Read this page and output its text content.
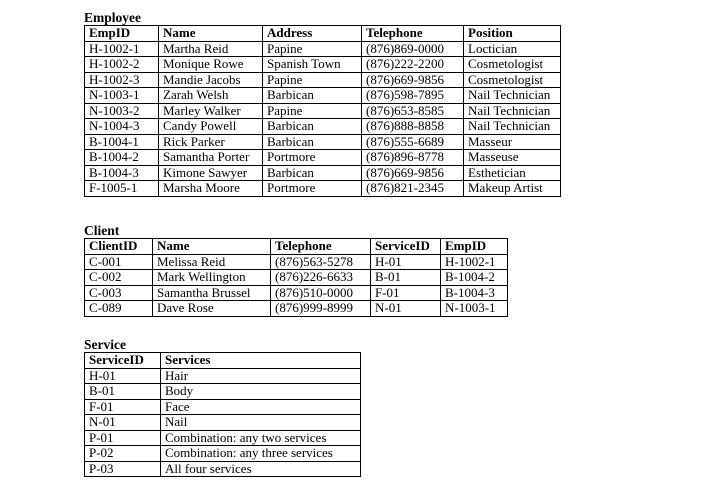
Employee
EmpID	Name	Address	Telephone	Position
H-1002-1	Martha Reid	Papine	(876)869-0000	Loctician
H-1002-2	Monique Rowe	Spanish Town	(876)222-2200	Cosmetologist
H-1002-3	Mandie Jacobs	Papine	(876)669-9856	Cosmetologist
N-1003-1	Zarah Welsh	Barbican	(876)598-7895	Nail Technician
N-1003-2	Marley Walker	Papine	(876)653-8585	Nail Technician
N-1004-3	Candy Powell	Barbican	(876)888-8858	Nail Technician
B-1004-1	Rick Parker	Barbican	(876)555-6689	Masseur
B-1004-2	Samantha Porter	Portmore	(876)896-8778	Masseuse
B-1004-3	Kimone Sawyer	Barbican	(876)669-9856	Esthetician
F-1005-1	Marsha Moore	Portmore	(876)821-2345	Makeup Artist
Client
ClientID	Name	Telephone	ServiceID	EmpID
C-001	Melissa Reid	(876)563-5278	H-01	H-1002-1
C-002	Mark Wellington	(876)226-6633	B-01	B-1004-2
C-003	Samantha Brussel	(876)510-0000	F-01	B-1004-3
C-089	Dave Rose	(876)999-8999	N-01	N-1003-1
Service
ServiceID	Services
H-01	Hair
B-01	Body
F-01	Face
N-01	Nail
P-01	Combination: any two services
P-02	Combination: any three services
P-03	All four services
